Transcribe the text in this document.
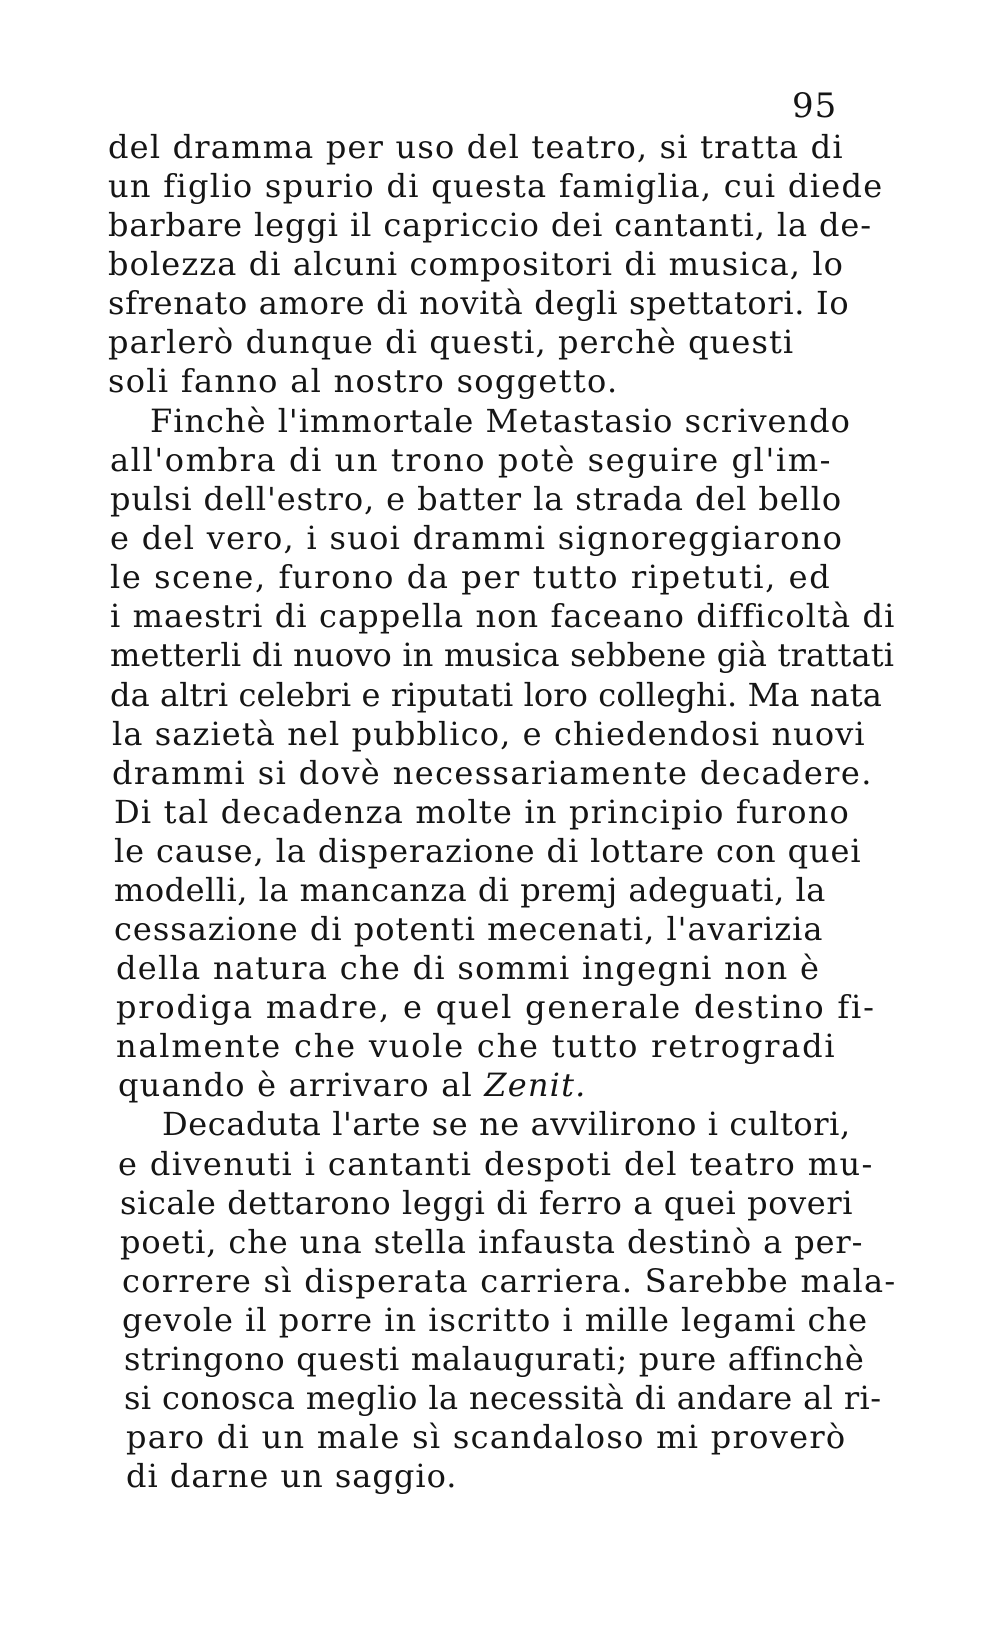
95
del dramma per uso del teatro, si tratta di
un figlio spurio di questa famiglia, cui diede
barbare leggi il capriccio dei cantanti, la de-
bolezza di alcuni compositori di musica, lo
sfrenato amore di novità degli spettatori. Io
parlerò dunque di questi, perchè questi
soli fanno al nostro soggetto.
Finchè l'immortale Metastasio scrivendo
all'ombra di un trono potè seguire gl'im-
pulsi dell'estro, e batter la strada del bello
e del vero, i suoi drammi signoreggiarono
le scene, furono da per tutto ripetuti, ed
i maestri di cappella non faceano difficoltà di
metterli di nuovo in musica sebbene già trattati
da altri celebri e riputati loro colleghi. Ma nata
la sazietà nel pubblico, e chiedendosi nuovi
drammi si dovè necessariamente decadere.
Di tal decadenza molte in principio furono
le cause, la disperazione di lottare con quei
modelli, la mancanza di premj adeguati, la
cessazione di potenti mecenati, l'avarizia
della natura che di sommi ingegni non è
prodiga madre, e quel generale destino fi-
nalmente che vuole che tutto retrogradi
quando è arrivaro al Zenit.
Decaduta l'arte se ne avvilirono i cultori,
e divenuti i cantanti despoti del teatro mu-
sicale dettarono leggi di ferro a quei poveri
poeti, che una stella infausta destinò a per-
correre sì disperata carriera. Sarebbe mala-
gevole il porre in iscritto i mille legami che
stringono questi malaugurati; pure affinchè
si conosca meglio la necessità di andare al ri-
paro di un male sì scandaloso mi proverò
di darne un saggio.
